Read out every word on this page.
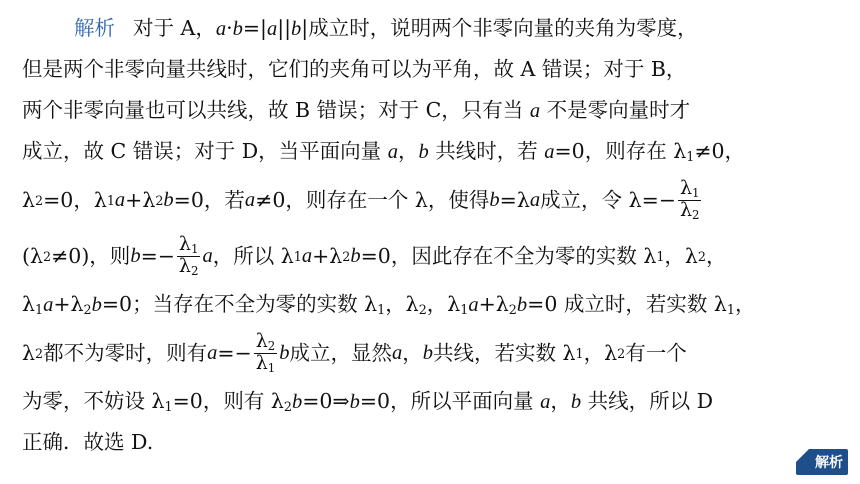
解析 对于 A，a·b=|a||b|成立时，说明两个非零向量的夹角为零度，
但是两个非零向量共线时，它们的夹角可以为平角，故 A 错误；对于 B，
两个非零向量也可以共线，故 B 错误；对于 C，只有当 a 不是零向量时才
成立，故 C 错误；对于 D，当平面向量 a，b 共线时，若 a=0，则存在 $\lambda_1\ne 0$，
λ 2 =0，λ 1 a +λ 2 b =0，若 a ≠0，则存在一个 λ，使得 b =λ a 成立，令 $\lambda=- \frac{\lambda_1}{\lambda_2}$
(λ 2 ≠0)，则 $b =- \frac{\lambda_1}{\lambda_2}$ a ，所以 λ 1 a +λ 2 b =0，因此存在不全为零的实数 λ 1 ，λ 2 ，
$\lambda_1a+\lambda_2b=0$；当存在不全为零的实数 $\lambda_1$，$\lambda_2$，$\lambda_1a+\lambda_2b=0$ 成立时，若实数 $\lambda_1$，
λ 2 都不为零时，则有 $a =- \frac{\lambda_2}{\lambda_1}$ b 成立，显然 a ， b 共线，若实数 λ 1 ，λ 2 有一个
为零，不妨设 $\lambda_1=0$，则有 $\lambda_2b=0\Rightarrow b=0$，所以平面向量 a，b 共线，所以 D
正确．故选 D.
解析
